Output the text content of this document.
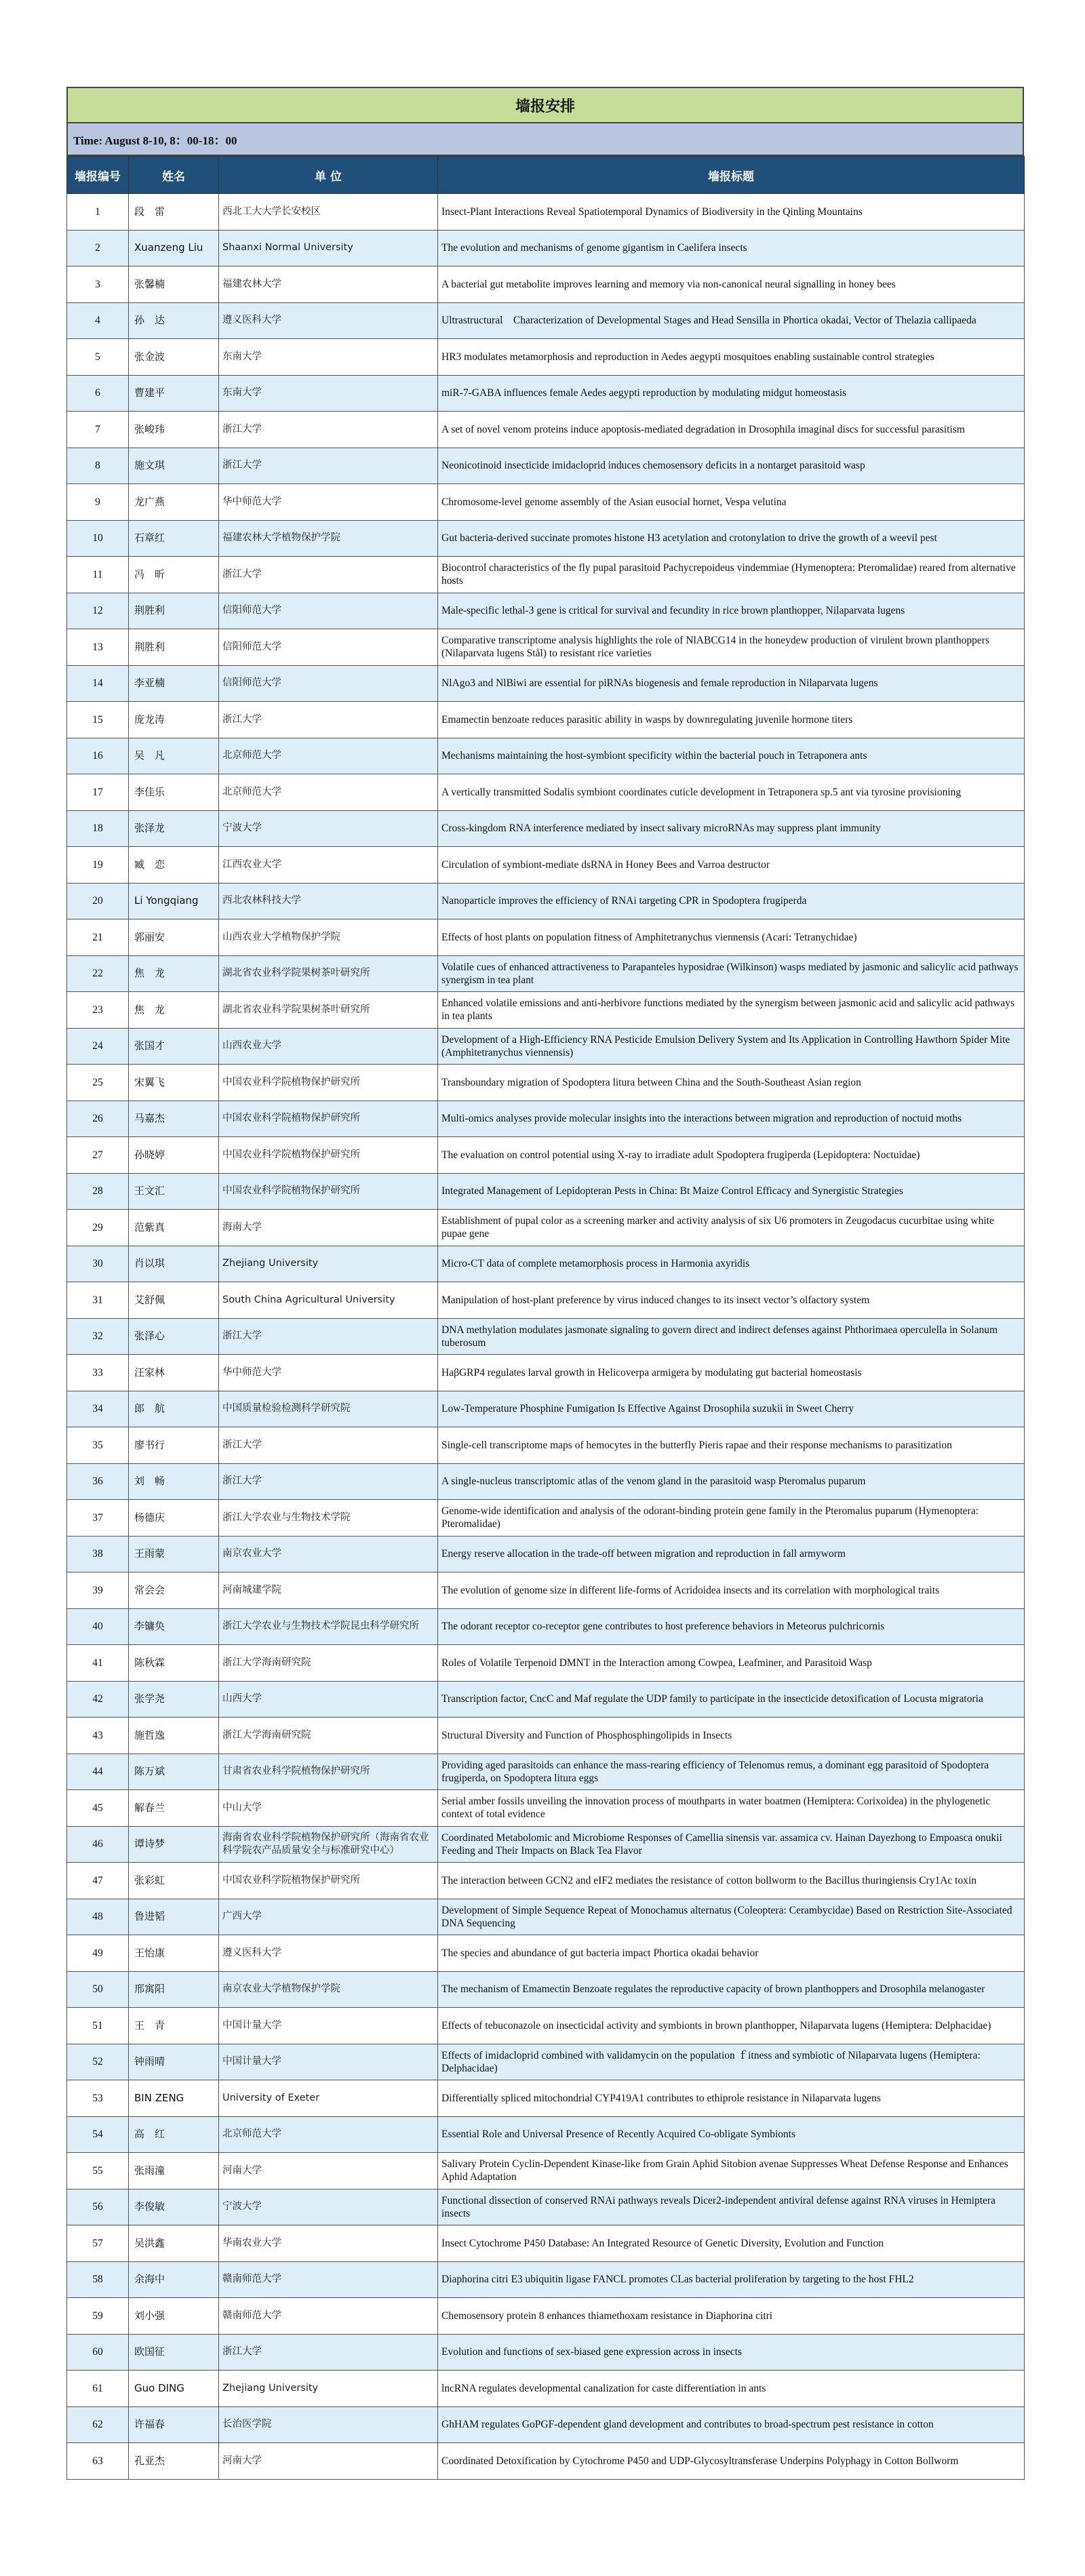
墙报安排
Time: August 8-10, 8：00-18：00
墙报编号	姓名	单 位	墙报标题
1	段　雷	西北工大大学长安校区	Insect-Plant Interactions Reveal Spatiotemporal Dynamics of Biodiversity in the Qinling Mountains
2	Xuanzeng Liu	Shaanxi Normal University	The evolution and mechanisms of genome gigantism in Caelifera insects
3	张馨楠	福建农林大学	A bacterial gut metabolite improves learning and memory via non-canonical neural signalling in honey bees
4	孙　达	遵义医科大学	Ultrastructural　Characterization of Developmental Stages and Head Sensilla in Phortica okadai, Vector of Thelazia callipaeda
5	张金波	东南大学	HR3 modulates metamorphosis and reproduction in Aedes aegypti mosquitoes enabling sustainable control strategies
6	曹建平	东南大学	miR-7-GABA influences female Aedes aegypti reproduction by modulating midgut homeostasis
7	张峻玮	浙江大学	A set of novel venom proteins induce apoptosis-mediated degradation in Drosophila imaginal discs for successful parasitism
8	施文琪	浙江大学	Neonicotinoid insecticide imidacloprid induces chemosensory deficits in a nontarget parasitoid wasp
9	龙广燕	华中师范大学	Chromosome-level genome assembly of the Asian eusocial hornet, Vespa velutina
10	石章红	福建农林大学植物保护学院	Gut bacteria-derived succinate promotes histone H3 acetylation and crotonylation to drive the growth of a weevil pest
11	冯　昕	浙江大学	Biocontrol characteristics of the fly pupal parasitoid Pachycrepoideus vindemmiae (Hymenoptera: Pteromalidae) reared from alternative hosts
12	荆胜利	信阳师范大学	Male-specific lethal-3 gene is critical for survival and fecundity in rice brown planthopper, Nilaparvata lugens
13	荆胜利	信阳师范大学	Comparative transcriptome analysis highlights the role of NlABCG14 in the honeydew production of virulent brown planthoppers (Nilaparvata lugens Stål) to resistant rice varieties
14	李亚楠	信阳师范大学	NlAgo3 and NlBiwi are essential for piRNAs biogenesis and female reproduction in Nilaparvata lugens
15	庞龙涛	浙江大学	Emamectin benzoate reduces parasitic ability in wasps by downregulating juvenile hormone titers
16	吴　凡	北京师范大学	Mechanisms maintaining the host-symbiont specificity within the bacterial pouch in Tetraponera ants
17	李佳乐	北京师范大学	A vertically transmitted Sodalis symbiont coordinates cuticle development in Tetraponera sp.5 ant via tyrosine provisioning
18	张泽龙	宁波大学	Cross-kingdom RNA interference mediated by insect salivary microRNAs may suppress plant immunity
19	臧　恋	江西农业大学	Circulation of symbiont-mediate dsRNA in Honey Bees and Varroa destructor
20	Li Yongqiang	西北农林科技大学	Nanoparticle improves the efficiency of RNAi targeting CPR in Spodoptera frugiperda
21	郭丽安	山西农业大学植物保护学院	Effects of host plants on population fitness of Amphitetranychus viennensis (Acari: Tetranychidae)
22	焦　龙	湖北省农业科学院果树茶叶研究所	Volatile cues of enhanced attractiveness to Parapanteles hyposidrae (Wilkinson) wasps mediated by jasmonic and salicylic acid pathways synergism in tea plant
23	焦　龙	湖北省农业科学院果树茶叶研究所	Enhanced volatile emissions and anti-herbivore functions mediated by the synergism between jasmonic acid and salicylic acid pathways in tea plants
24	张国才	山西农业大学	Development of a High-Efficiency RNA Pesticide Emulsion Delivery System and Its Application in Controlling Hawthorn Spider Mite (Amphitetranychus viennensis)
25	宋翼飞	中国农业科学院植物保护研究所	Transboundary migration of Spodoptera litura between China and the South-Southeast Asian region
26	马嘉杰	中国农业科学院植物保护研究所	Multi-omics analyses provide molecular insights into the interactions between migration and reproduction of noctuid moths
27	孙晓婷	中国农业科学院植物保护研究所	The evaluation on control potential using X-ray to irradiate adult Spodoptera frugiperda (Lepidoptera: Noctuidae)
28	王文汇	中国农业科学院植物保护研究所	Integrated Management of Lepidopteran Pests in China: Bt Maize Control Efficacy and Synergistic Strategies
29	范紫真	海南大学	Establishment of pupal color as a screening marker and activity analysis of six U6 promoters in Zeugodacus cucurbitae using white pupae gene
30	肖以琪	Zhejiang University	Micro-CT data of complete metamorphosis process in Harmonia axyridis
31	艾舒佩	South China Agricultural University	Manipulation of host-plant preference by virus induced changes to its insect vector’s olfactory system
32	张泽心	浙江大学	DNA methylation modulates jasmonate signaling to govern direct and indirect defenses against Phthorimaea operculella in Solanum tuberosum
33	汪家林	华中师范大学	HaβGRP4 regulates larval growth in Helicoverpa armigera by modulating gut bacterial homeostasis
34	郎　航	中国质量检验检测科学研究院	Low-Temperature Phosphine Fumigation Is Effective Against Drosophila suzukii in Sweet Cherry
35	廖书行	浙江大学	Single-cell transcriptome maps of hemocytes in the butterfly Pieris rapae and their response mechanisms to parasitization
36	刘　畅	浙江大学	A single-nucleus transcriptomic atlas of the venom gland in the parasitoid wasp Pteromalus puparum
37	杨德庆	浙江大学农业与生物技术学院	Genome-wide identification and analysis of the odorant-binding protein gene family in the Pteromalus puparum (Hymenoptera: Pteromalidae)
38	王雨蒙	南京农业大学	Energy reserve allocation in the trade-off between migration and reproduction in fall armyworm
39	常会会	河南城建学院	The evolution of genome size in different life-forms of Acridoidea insects and its correlation with morphological traits
40	李镛奂	浙江大学农业与生物技术学院昆虫科学研究所	The odorant receptor co-receptor gene contributes to host preference behaviors in Meteorus pulchricornis
41	陈秋霖	浙江大学海南研究院	Roles of Volatile Terpenoid DMNT in the Interaction among Cowpea, Leafminer, and Parasitoid Wasp
42	张学尧	山西大学	Transcription factor, CncC and Maf regulate the UDP family to participate in the insecticide detoxification of Locusta migratoria
43	施哲逸	浙江大学海南研究院	Structural Diversity and Function of Phosphosphingolipids in Insects
44	陈万斌	甘肃省农业科学院植物保护研究所	Providing aged parasitoids can enhance the mass-rearing efficiency of Telenomus remus, a dominant egg parasitoid of Spodoptera frugiperda, on Spodoptera litura eggs
45	解春兰	中山大学	Serial amber fossils unveiling the innovation process of mouthparts in water boatmen (Hemiptera: Corixoidea) in the phylogenetic context of total evidence
46	谭诗梦	海南省农业科学院植物保护研究所（海南省农业科学院农产品质量安全与标准研究中心）	Coordinated Metabolomic and Microbiome Responses of Camellia sinensis var. assamica cv. Hainan Dayezhong to Empoasca onukii Feeding and Their Impacts on Black Tea Flavor
47	张彩虹	中国农业科学院植物保护研究所	The interaction between GCN2 and eIF2 mediates the resistance of cotton bollworm to the Bacillus thuringiensis Cry1Ac toxin
48	鲁进韬	广西大学	Development of Simple Sequence Repeat of Monochamus alternatus (Coleoptera: Cerambycidae) Based on Restriction Site-Associated DNA Sequencing
49	王怡康	遵义医科大学	The species and abundance of gut bacteria impact Phortica okadai behavior
50	邢寓阳	南京农业大学植物保护学院	The mechanism of Emamectin Benzoate regulates the reproductive capacity of brown planthoppers and Drosophila melanogaster
51	王　青	中国计量大学	Effects of tebuconazole on insecticidal activity and symbionts in brown planthopper, Nilaparvata lugens (Hemiptera: Delphacidae)
52	钟雨晴	中国计量大学	Effects of imidacloprid combined with validamycin on the population ｆitness and symbiotic of Nilaparvata lugens (Hemiptera: Delphacidae)
53	BIN ZENG	University of Exeter	Differentially spliced mitochondrial CYP419A1 contributes to ethiprole resistance in Nilaparvata lugens
54	高　红	北京师范大学	Essential Role and Universal Presence of Recently Acquired Co-obligate Symbionts
55	张雨潼	河南大学	Salivary Protein Cyclin-Dependent Kinase-like from Grain Aphid Sitobion avenae Suppresses Wheat Defense Response and Enhances Aphid Adaptation
56	李俊敏	宁波大学	Functional dissection of conserved RNAi pathways reveals Dicer2-independent antiviral defense against RNA viruses in Hemiptera insects
57	吴洪鑫	华南农业大学	Insect Cytochrome P450 Database: An Integrated Resource of Genetic Diversity, Evolution and Function
58	余海中	赣南师范大学	Diaphorina citri E3 ubiquitin ligase FANCL promotes CLas bacterial proliferation by targeting to the host FHL2
59	刘小强	赣南师范大学	Chemosensory protein 8 enhances thiamethoxam resistance in Diaphorina citri
60	欧国征	浙江大学	Evolution and functions of sex-biased gene expression across in insects
61	Guo DING	Zhejiang University	lncRNA regulates developmental canalization for caste differentiation in ants
62	许福春	长治医学院	GhHAM regulates GoPGF-dependent gland development and contributes to broad-spectrum pest resistance in cotton
63	孔亚杰	河南大学	Coordinated Detoxification by Cytochrome P450 and UDP-Glycosyltransferase Underpins Polyphagy in Cotton Bollworm
